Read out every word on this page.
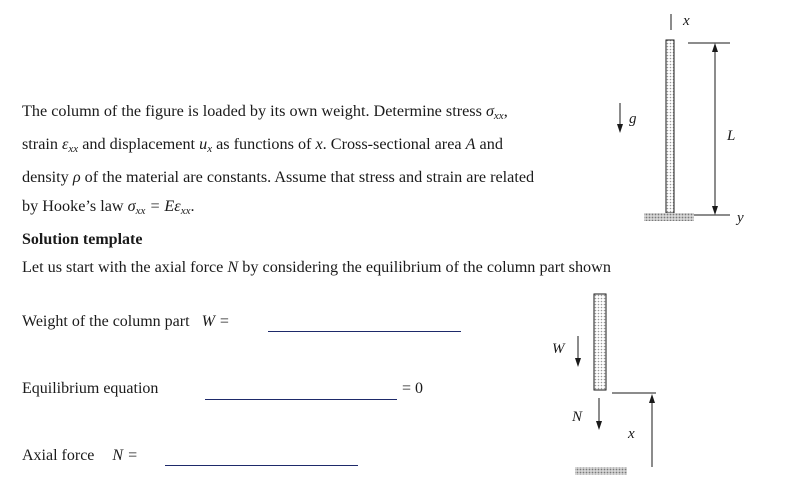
The column of the figure is loaded by its own weight. Determine stress $\sigma_{xx}$,
strain $\varepsilon_{xx}$ and displacement $u_x$ as functions of x. Cross-sectional area A and
density ρ of the material are constants. Assume that stress and strain are related
by Hooke’s law $\sigma_{xx} = E\varepsilon_{xx}$.
Solution template
Let us start with the axial force N by considering the equilibrium of the column part shown
Weight of the column part W =
Equilibrium equation	= 0
Axial force N =
x
L
y
g
W
N
x
